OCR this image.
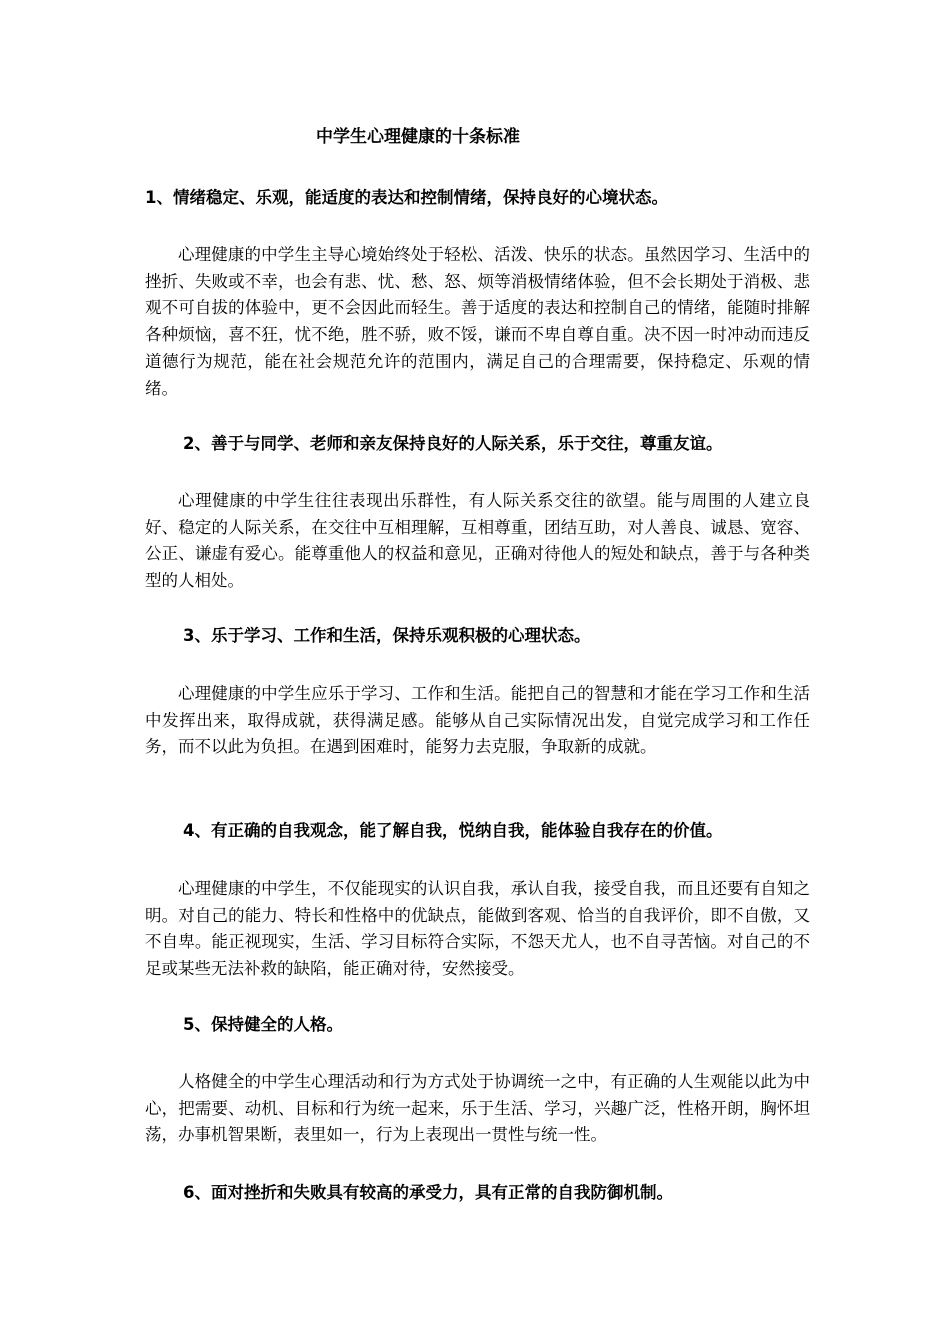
中学生心理健康的十条标准
1、情绪稳定、乐观，能适度的表达和控制情绪，保持良好的心境状态。
心理健康的中学生主导心境始终处于轻松、活泼、快乐的状态。虽然因学习、生活中的挫折、失败或不幸，也会有悲、忧、愁、怒、烦等消极情绪体验，但不会长期处于消极、悲观不可自拔的体验中，更不会因此而轻生。善于适度的表达和控制自己的情绪，能随时排解各种烦恼，喜不狂，忧不绝，胜不骄，败不馁，谦而不卑自尊自重。决不因一时冲动而违反道德行为规范，能在社会规范允许的范围内，满足自己的合理需要，保持稳定、乐观的情绪。
2、善于与同学、老师和亲友保持良好的人际关系，乐于交往，尊重友谊。
心理健康的中学生往往表现出乐群性，有人际关系交往的欲望。能与周围的人建立良好、稳定的人际关系，在交往中互相理解，互相尊重，团结互助，对人善良、诚恳、宽容、公正、谦虚有爱心。能尊重他人的权益和意见，正确对待他人的短处和缺点，善于与各种类型的人相处。
3、乐于学习、工作和生活，保持乐观积极的心理状态。
心理健康的中学生应乐于学习、工作和生活。能把自己的智慧和才能在学习工作和生活中发挥出来，取得成就，获得满足感。能够从自己实际情况出发，自觉完成学习和工作任务，而不以此为负担。在遇到困难时，能努力去克服，争取新的成就。
4、有正确的自我观念，能了解自我，悦纳自我，能体验自我存在的价值。
心理健康的中学生，不仅能现实的认识自我，承认自我，接受自我，而且还要有自知之明。对自己的能力、特长和性格中的优缺点，能做到客观、恰当的自我评价，即不自傲，又不自卑。能正视现实，生活、学习目标符合实际，不怨天尤人，也不自寻苦恼。对自己的不足或某些无法补救的缺陷，能正确对待，安然接受。
5、保持健全的人格。
人格健全的中学生心理活动和行为方式处于协调统一之中，有正确的人生观能以此为中心，把需要、动机、目标和行为统一起来，乐于生活、学习，兴趣广泛，性格开朗，胸怀坦荡，办事机智果断，表里如一，行为上表现出一贯性与统一性。
6、面对挫折和失败具有较高的承受力，具有正常的自我防御机制。
